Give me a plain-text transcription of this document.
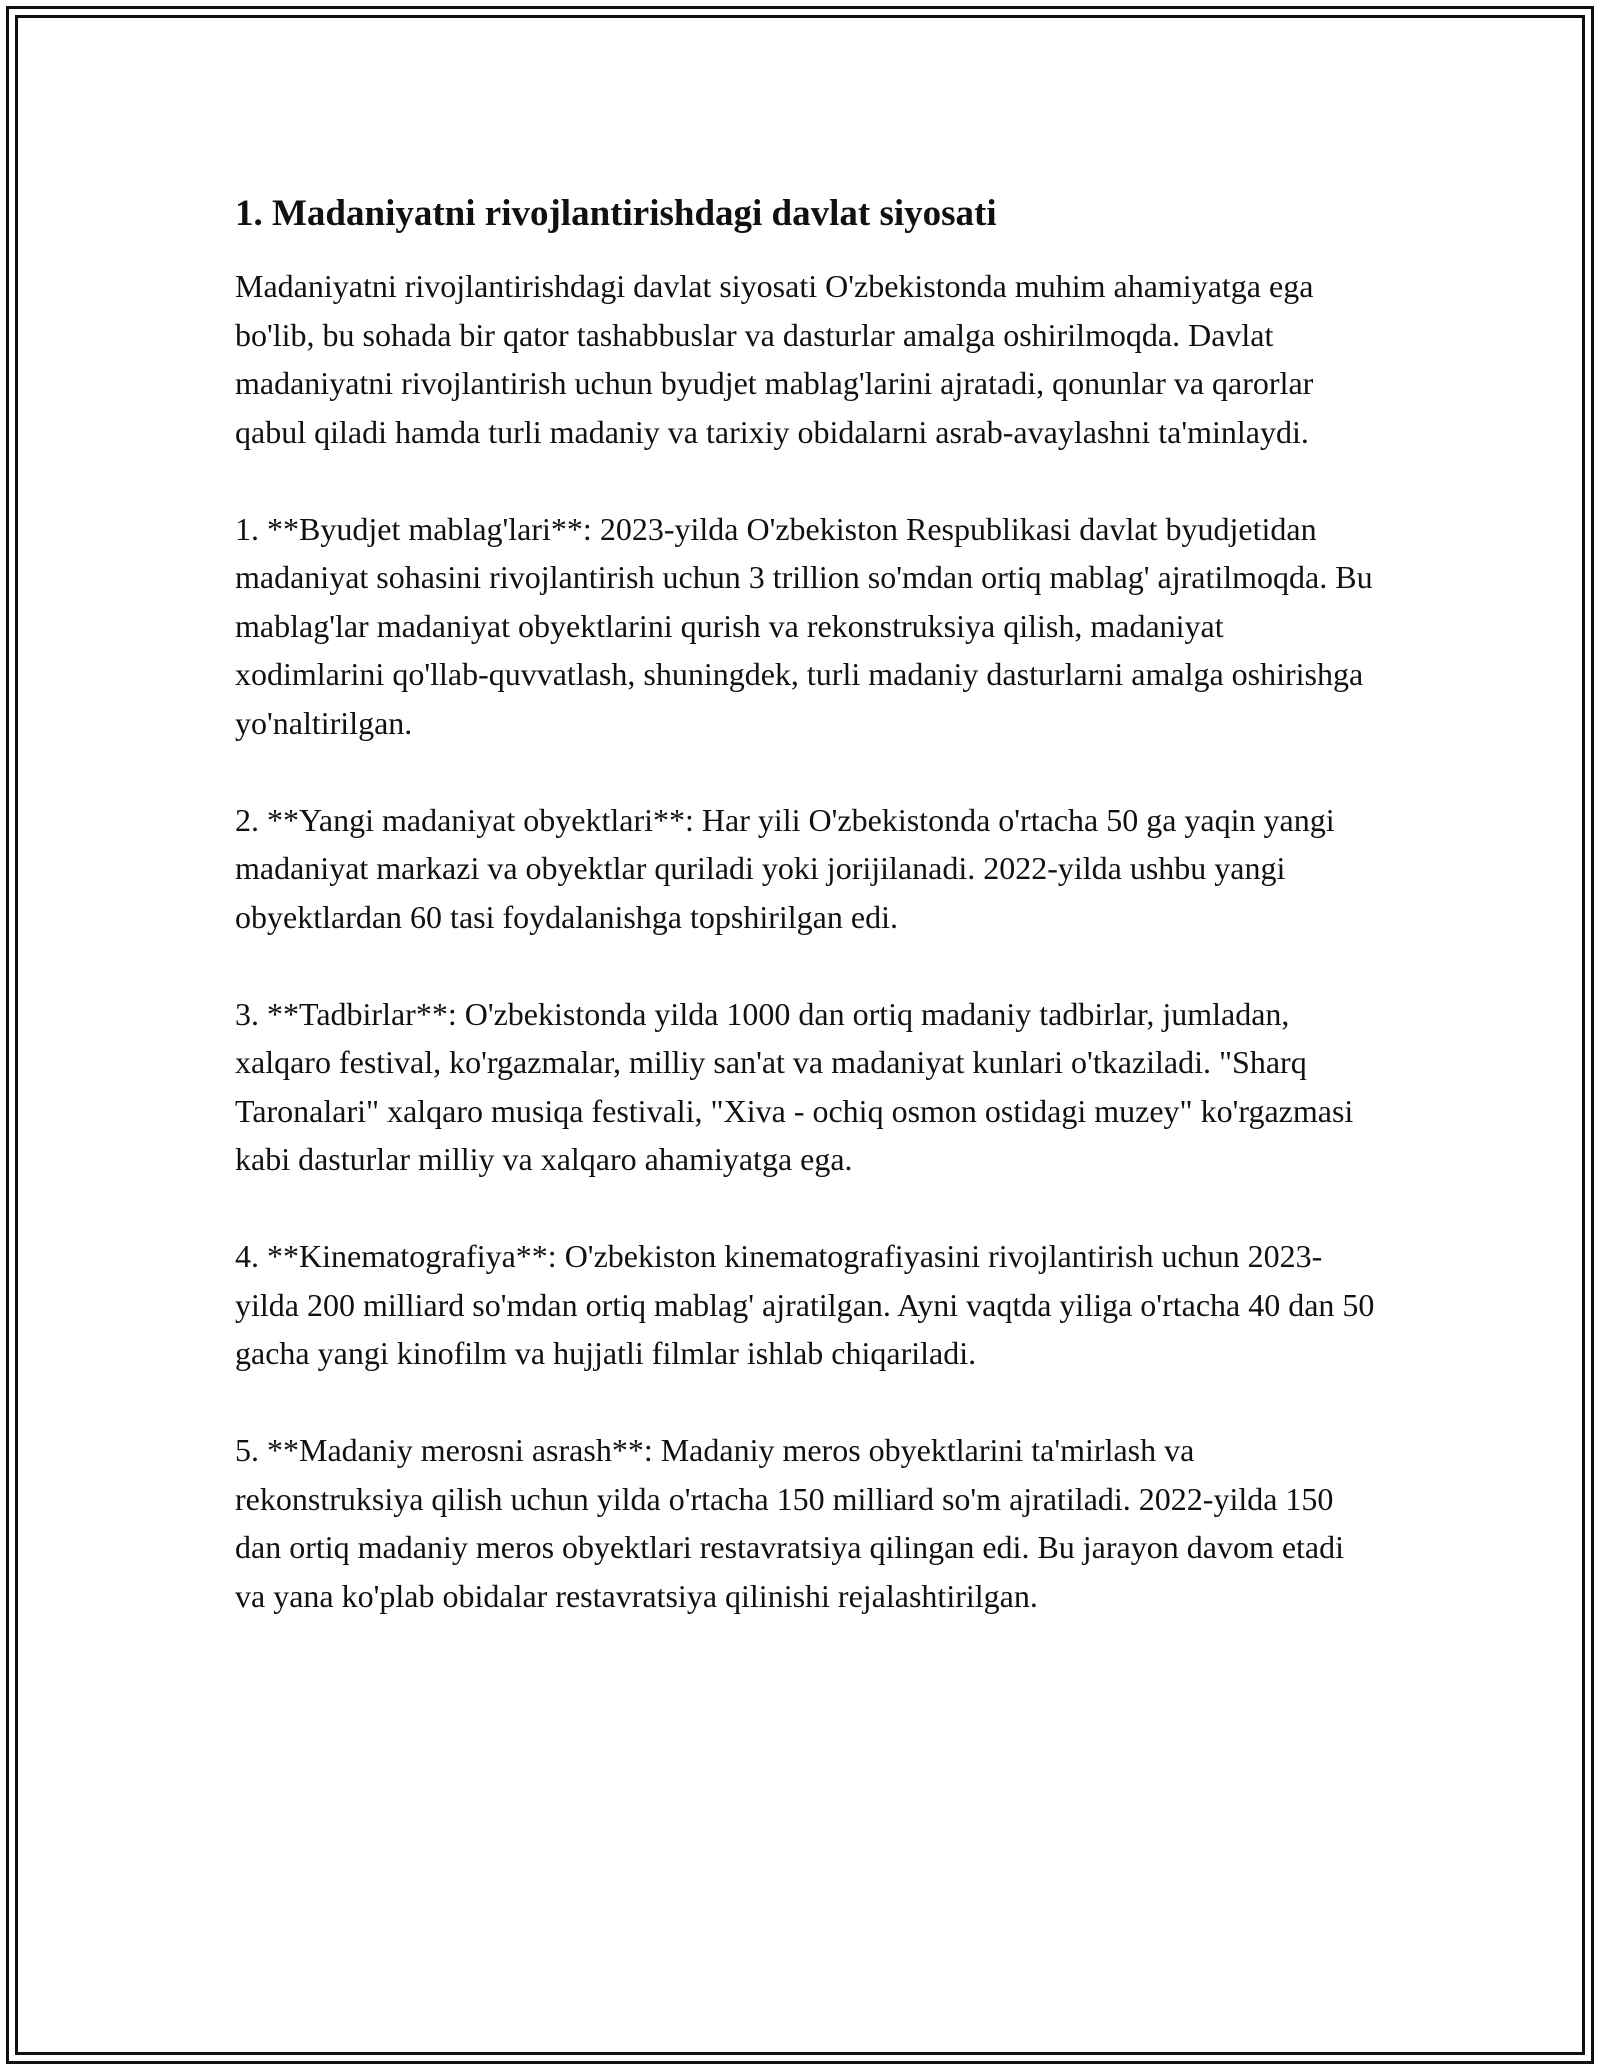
1. Madaniyatni rivojlantirishdagi davlat siyosati

Madaniyatni rivojlantirishdagi davlat siyosati O'zbekistonda muhim ahamiyatga ega bo'lib, bu sohada bir qator tashabbuslar va dasturlar amalga oshirilmoqda. Davlat madaniyatni rivojlantirish uchun byudjet mablag'larini ajratadi, qonunlar va qarorlar qabul qiladi hamda turli madaniy va tarixiy obidalarni asrab-avaylashni ta'minlaydi.

1. **Byudjet mablag'lari**: 2023-yilda O'zbekiston Respublikasi davlat byudjetidan madaniyat sohasini rivojlantirish uchun 3 trillion so'mdan ortiq mablag' ajratilmoqda. Bu mablag'lar madaniyat obyektlarini qurish va rekonstruksiya qilish, madaniyat xodimlarini qo'llab-quvvatlash, shuningdek, turli madaniy dasturlarni amalga oshirishga yo'naltirilgan.

2. **Yangi madaniyat obyektlari**: Har yili O'zbekistonda o'rtacha 50 ga yaqin yangi madaniyat markazi va obyektlar quriladi yoki jorijilanadi. 2022-yilda ushbu yangi obyektlardan 60 tasi foydalanishga topshirilgan edi.

3. **Tadbirlar**: O'zbekistonda yilda 1000 dan ortiq madaniy tadbirlar, jumladan, xalqaro festival, ko'rgazmalar, milliy san'at va madaniyat kunlari o'tkaziladi. "Sharq Taronalari" xalqaro musiqa festivali, "Xiva - ochiq osmon ostidagi muzey" ko'rgazmasi kabi dasturlar milliy va xalqaro ahamiyatga ega.

4. **Kinematografiya**: O'zbekiston kinematografiyasini rivojlantirish uchun 2023-yilda 200 milliard so'mdan ortiq mablag' ajratilgan. Ayni vaqtda yiliga o'rtacha 40 dan 50 gacha yangi kinofilm va hujjatli filmlar ishlab chiqariladi.

5. **Madaniy merosni asrash**: Madaniy meros obyektlarini ta'mirlash va rekonstruksiya qilish uchun yilda o'rtacha 150 milliard so'm ajratiladi. 2022-yilda 150 dan ortiq madaniy meros obyektlari restavratsiya qilingan edi. Bu jarayon davom etadi va yana ko'plab obidalar restavratsiya qilinishi rejalashtirilgan.
